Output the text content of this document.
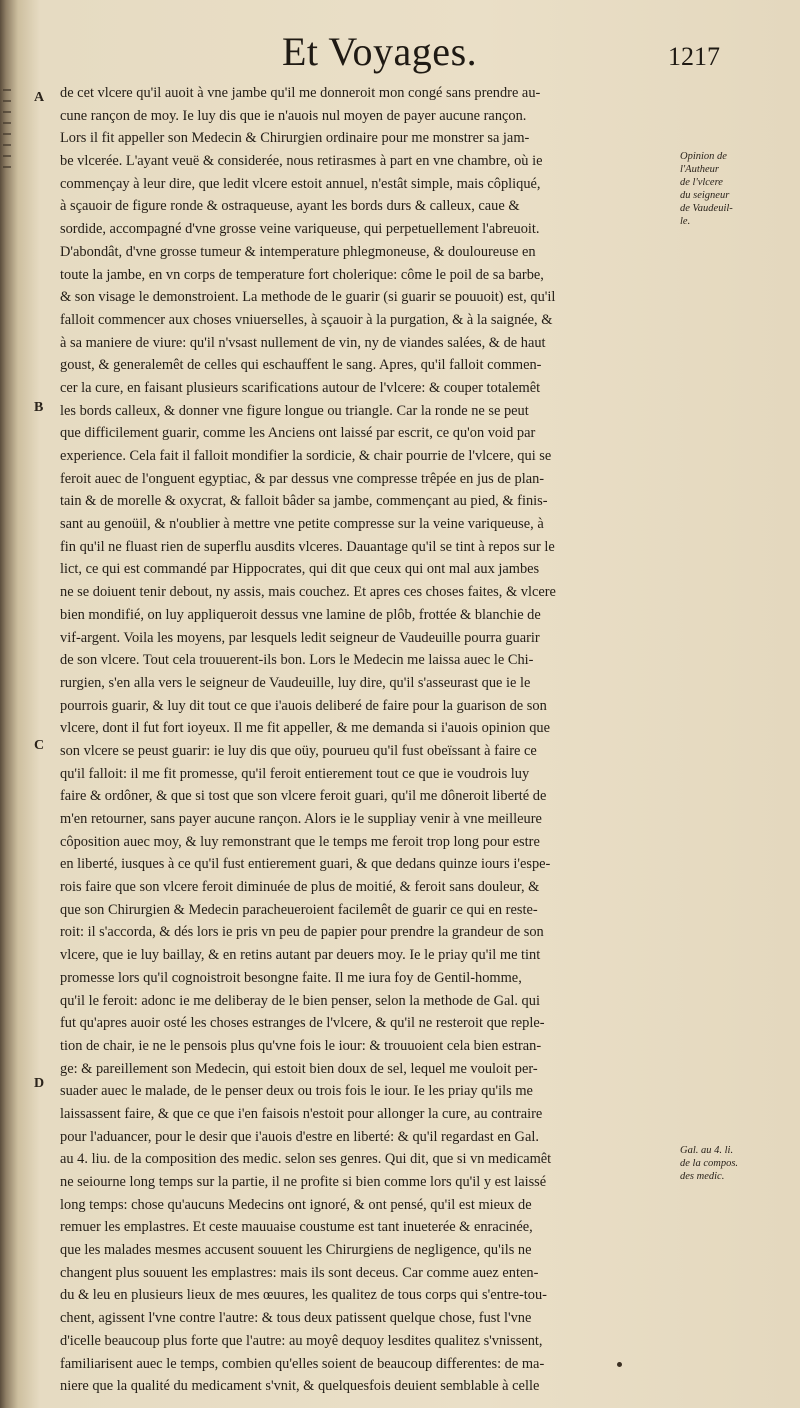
Et Voyages.	1217
A
B
C
D
Opinion de
l'Autheur
de l'vlcere
du seigneur
de Vaudeuil-
le.
Gal. au 4. li.
de la compos.
des medic.
de cet vlcere qu'il auoit à vne jambe qu'il me donneroit mon congé sans prendre au-
cune rançon de moy. Ie luy dis que ie n'auois nul moyen de payer aucune rançon.
Lors il fit appeller son Medecin & Chirurgien ordinaire pour me monstrer sa jam-
be vlcerée. L'ayant veuë & considerée, nous retirasmes à part en vne chambre, où ie
commençay à leur dire, que ledit vlcere estoit annuel, n'estât simple, mais côpliqué,
à sçauoir de figure ronde & ostraqueuse, ayant les bords durs & calleux, caue &
sordide, accompagné d'vne grosse veine variqueuse, qui perpetuellement l'abreuoit.
D'abondât, d'vne grosse tumeur & intemperature phlegmoneuse, & douloureuse en
toute la jambe, en vn corps de temperature fort cholerique: côme le poil de sa barbe,
& son visage le demonstroient. La methode de le guarir (si guarir se pouuoit) est, qu'il
falloit commencer aux choses vniuerselles, à sçauoir à la purgation, & à la saignée, &
à sa maniere de viure: qu'il n'vsast nullement de vin, ny de viandes salées, & de haut
goust, & generalemêt de celles qui eschauffent le sang. Apres, qu'il falloit commen-
cer la cure, en faisant plusieurs scarifications autour de l'vlcere: & couper totalemêt
les bords calleux, & donner vne figure longue ou triangle. Car la ronde ne se peut
que difficilement guarir, comme les Anciens ont laissé par escrit, ce qu'on void par
experience. Cela fait il falloit mondifier la sordicie, & chair pourrie de l'vlcere, qui se
feroit auec de l'onguent egyptiac, & par dessus vne compresse trêpée en jus de plan-
tain & de morelle & oxycrat, & falloit bâder sa jambe, commençant au pied, & finis-
sant au genoüil, & n'oublier à mettre vne petite compresse sur la veine variqueuse, à
fin qu'il ne fluast rien de superflu ausdits vlceres. Dauantage qu'il se tint à repos sur le
lict, ce qui est commandé par Hippocrates, qui dit que ceux qui ont mal aux jambes
ne se doiuent tenir debout, ny assis, mais couchez. Et apres ces choses faites, & vlcere
bien mondifié, on luy appliqueroit dessus vne lamine de plôb, frottée & blanchie de
vif-argent. Voila les moyens, par lesquels ledit seigneur de Vaudeuille pourra guarir
de son vlcere. Tout cela trouuerent-ils bon. Lors le Medecin me laissa auec le Chi-
rurgien, s'en alla vers le seigneur de Vaudeuille, luy dire, qu'il s'asseurast que ie le
pourrois guarir, & luy dit tout ce que i'auois deliberé de faire pour la guarison de son
vlcere, dont il fut fort ioyeux. Il me fit appeller, & me demanda si i'auois opinion que
son vlcere se peust guarir: ie luy dis que oüy, pourueu qu'il fust obeïssant à faire ce
qu'il falloit: il me fit promesse, qu'il feroit entierement tout ce que ie voudrois luy
faire & ordôner, & que si tost que son vlcere feroit guari, qu'il me dôneroit liberté de
m'en retourner, sans payer aucune rançon. Alors ie le suppliay venir à vne meilleure
côposition auec moy, & luy remonstrant que le temps me feroit trop long pour estre
en liberté, iusques à ce qu'il fust entierement guari, & que dedans quinze iours i'espe-
rois faire que son vlcere feroit diminuée de plus de moitié, & feroit sans douleur, &
que son Chirurgien & Medecin paracheueroient facilemêt de guarir ce qui en reste-
roit: il s'accorda, & dés lors ie pris vn peu de papier pour prendre la grandeur de son
vlcere, que ie luy baillay, & en retins autant par deuers moy. Ie le priay qu'il me tint
promesse lors qu'il cognoistroit besongne faite. Il me iura foy de Gentil-homme,
qu'il le feroit: adonc ie me deliberay de le bien penser, selon la methode de Gal. qui
fut qu'apres auoir osté les choses estranges de l'vlcere, & qu'il ne resteroit que reple-
tion de chair, ie ne le pensois plus qu'vne fois le iour: & trouuoient cela bien estran-
ge: & pareillement son Medecin, qui estoit bien doux de sel, lequel me vouloit per-
suader auec le malade, de le penser deux ou trois fois le iour. Ie les priay qu'ils me
laissassent faire, & que ce que i'en faisois n'estoit pour allonger la cure, au contraire
pour l'aduancer, pour le desir que i'auois d'estre en liberté: & qu'il regardast en Gal.
au 4. liu. de la composition des medic. selon ses genres. Qui dit, que si vn medicamêt
ne seiourne long temps sur la partie, il ne profite si bien comme lors qu'il y est laissé
long temps: chose qu'aucuns Medecins ont ignoré, & ont pensé, qu'il est mieux de
remuer les emplastres. Et ceste mauuaise coustume est tant inueterée & enracinée,
que les malades mesmes accusent souuent les Chirurgiens de negligence, qu'ils ne
changent plus souuent les emplastres: mais ils sont deceus. Car comme auez enten-
du & leu en plusieurs lieux de mes œuures, les qualitez de tous corps qui s'entre-tou-
chent, agissent l'vne contre l'autre: & tous deux patissent quelque chose, fust l'vne
d'icelle beaucoup plus forte que l'autre: au moyê dequoy lesdites qualitez s'vnissent,
familiarisent auec le temps, combien qu'elles soient de beaucoup differentes: de ma-
niere que la qualité du medicament s'vnit, & quelquesfois deuient semblable à celle
